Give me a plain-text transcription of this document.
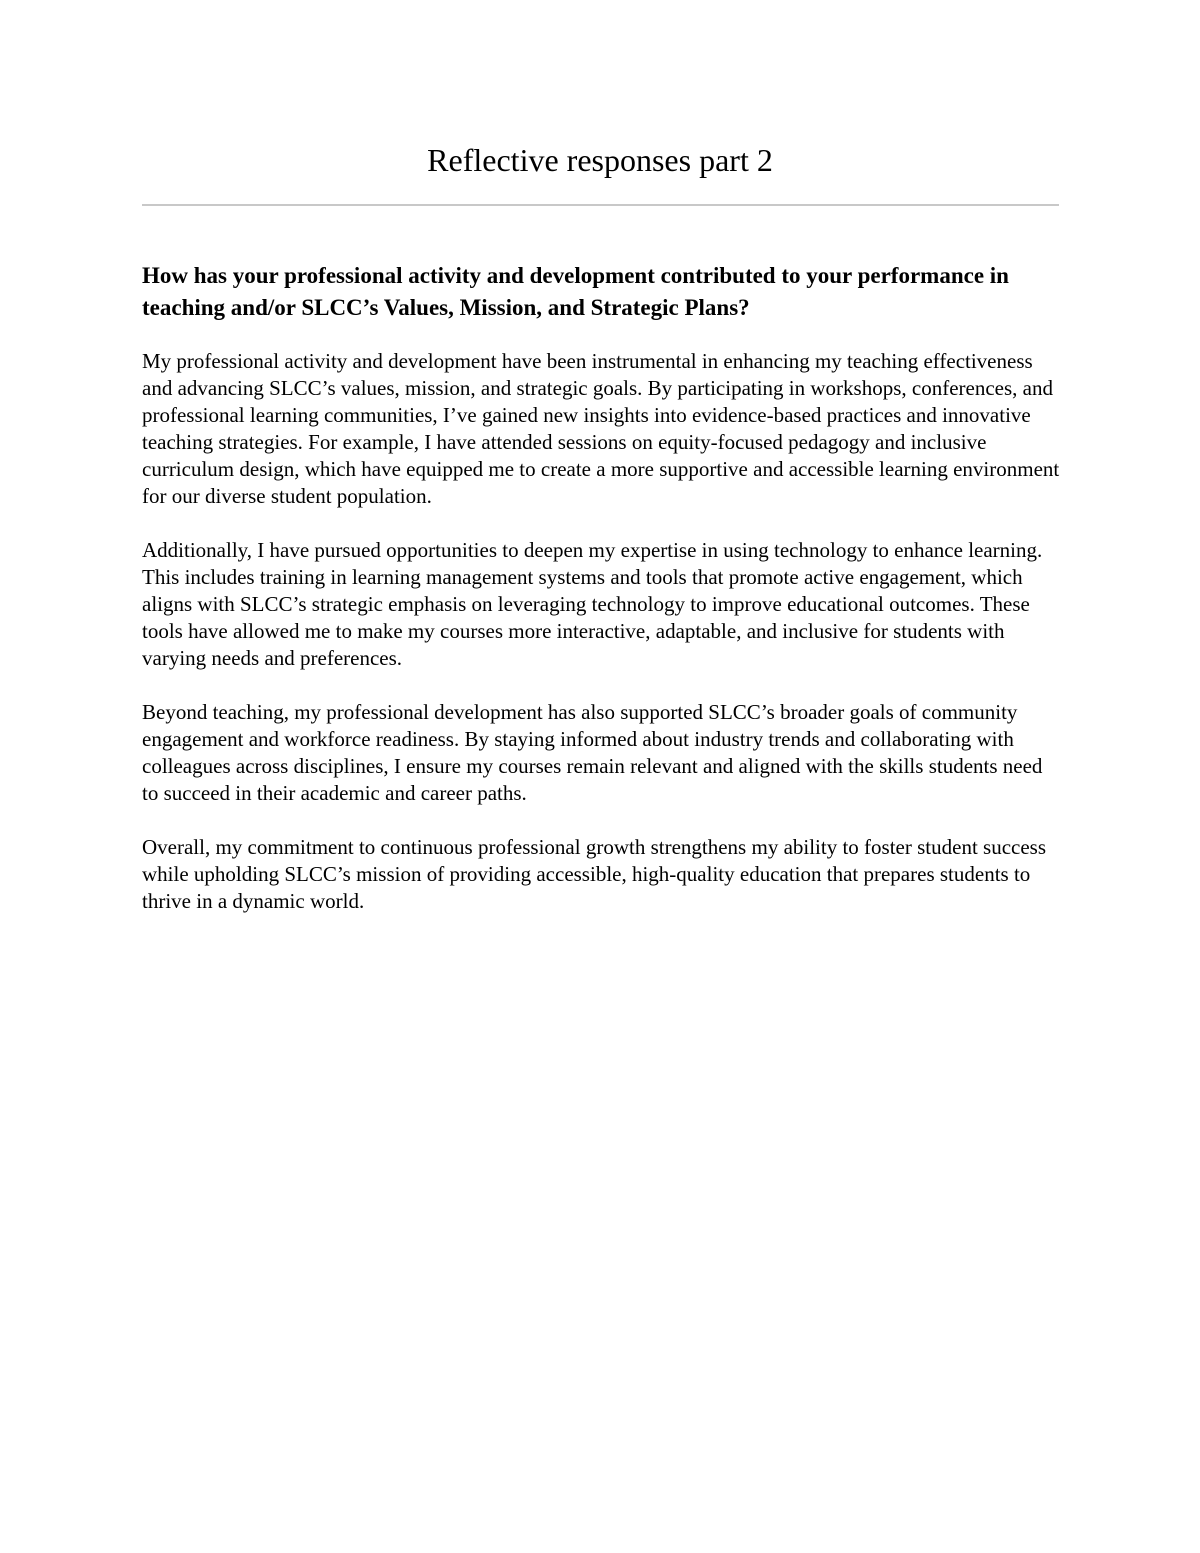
Reflective responses part 2
How has your professional activity and development contributed to your performance in teaching and/or SLCC’s Values, Mission, and Strategic Plans?

My professional activity and development have been instrumental in enhancing my teaching effectiveness and advancing SLCC’s values, mission, and strategic goals. By participating in workshops, conferences, and professional learning communities, I’ve gained new insights into evidence-based practices and innovative teaching strategies. For example, I have attended sessions on equity-focused pedagogy and inclusive curriculum design, which have equipped me to create a more supportive and accessible learning environment for our diverse student population.

Additionally, I have pursued opportunities to deepen my expertise in using technology to enhance learning. This includes training in learning management systems and tools that promote active engagement, which aligns with SLCC’s strategic emphasis on leveraging technology to improve educational outcomes. These tools have allowed me to make my courses more interactive, adaptable, and inclusive for students with varying needs and preferences.

Beyond teaching, my professional development has also supported SLCC’s broader goals of community engagement and workforce readiness. By staying informed about industry trends and collaborating with colleagues across disciplines, I ensure my courses remain relevant and aligned with the skills students need to succeed in their academic and career paths.

Overall, my commitment to continuous professional growth strengthens my ability to foster student success while upholding SLCC’s mission of providing accessible, high-quality education that prepares students to thrive in a dynamic world.
